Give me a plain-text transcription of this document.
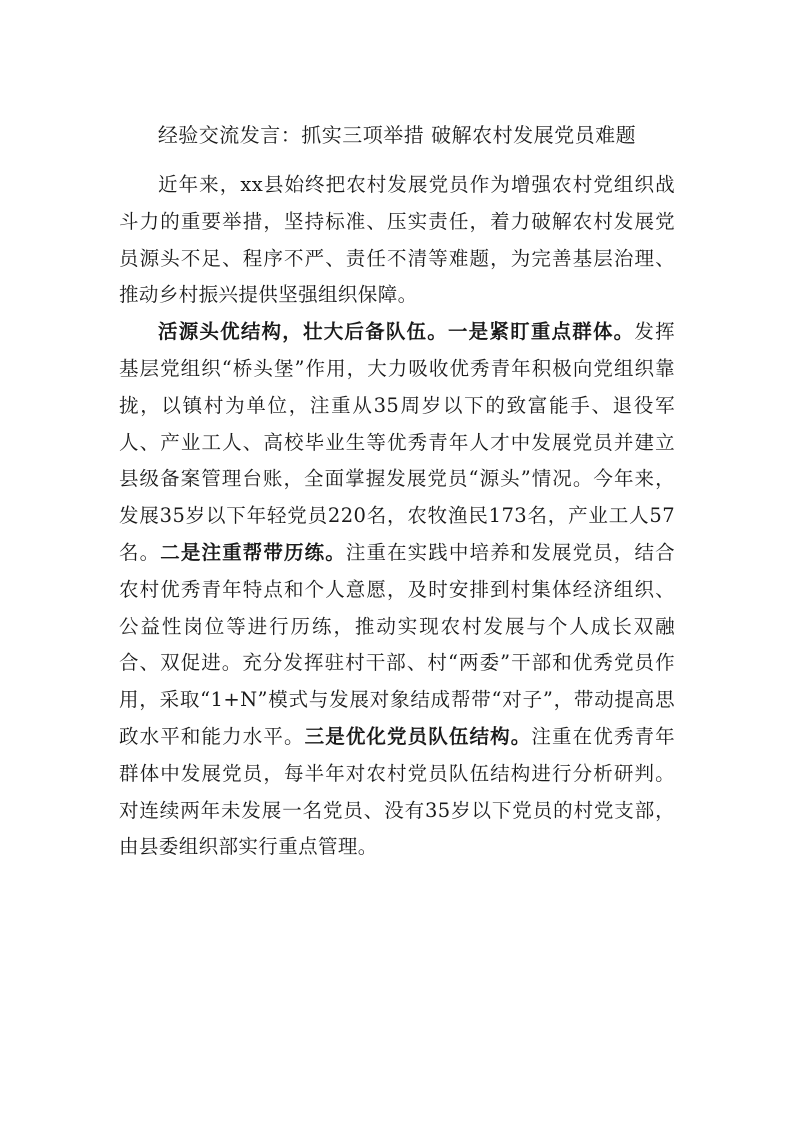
经验交流发言：抓实三项举措 破解农村发展党员难题

近年来，xx县始终把农村发展党员作为增强农村党组织战斗力的重要举措，坚持标准、压实责任，着力破解农村发展党员源头不足、程序不严、责任不清等难题，为完善基层治理、推动乡村振兴提供坚强组织保障。

活源头优结构，壮大后备队伍。一是紧盯重点群体。发挥基层党组织“桥头堡”作用，大力吸收优秀青年积极向党组织靠拢，以镇村为单位，注重从35周岁以下的致富能手、退役军人、产业工人、高校毕业生等优秀青年人才中发展党员并建立县级备案管理台账，全面掌握发展党员“源头”情况。今年来，发展35岁以下年轻党员220名，农牧渔民173名，产业工人57名。二是注重帮带历练。注重在实践中培养和发展党员，结合农村优秀青年特点和个人意愿，及时安排到村集体经济组织、公益性岗位等进行历练，推动实现农村发展与个人成长双融合、双促进。充分发挥驻村干部、村“两委”干部和优秀党员作用，采取“1+N”模式与发展对象结成帮带“对子”，带动提高思政水平和能力水平。三是优化党员队伍结构。注重在优秀青年群体中发展党员，每半年对农村党员队伍结构进行分析研判。对连续两年未发展一名党员、没有35岁以下党员的村党支部，由县委组织部实行重点管理。
